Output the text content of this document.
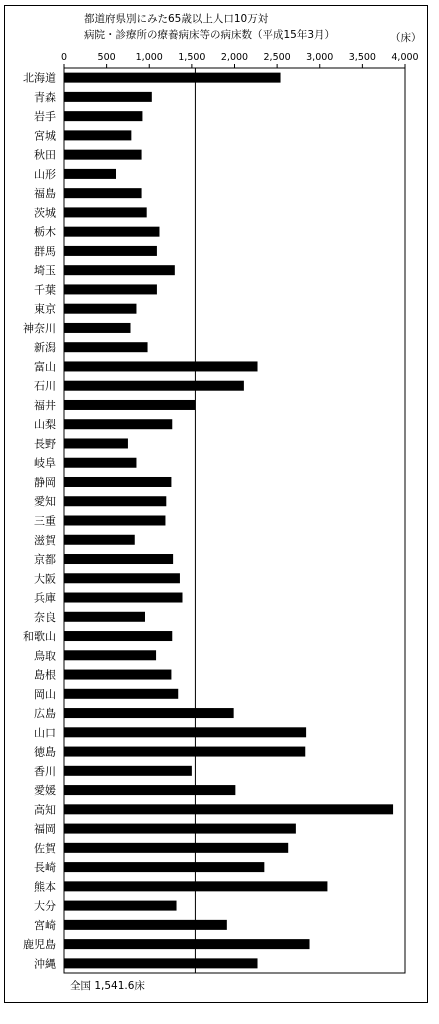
都道府県別にみた65歳以上人口10万対
病院・診療所の療養病床等の病床数（平成15年3月）	（床）
0	500 1,000 1,500 2,000 2,500 3,000 3,500 4,000
北海道
青森
岩手
宮城
秋田
山形
福島
茨城
栃木
群馬
埼玉
千葉
東京
神奈川
新潟
富山
石川
福井
山梨
長野
岐阜
静岡
愛知
三重
滋賀
京都
大阪
兵庫
奈良
和歌山
鳥取
島根
岡山
広島
山口
徳島
香川
愛媛
高知
福岡
佐賀
長崎
熊本
大分
宮崎
鹿児島
沖縄
全国 1,541.6床
